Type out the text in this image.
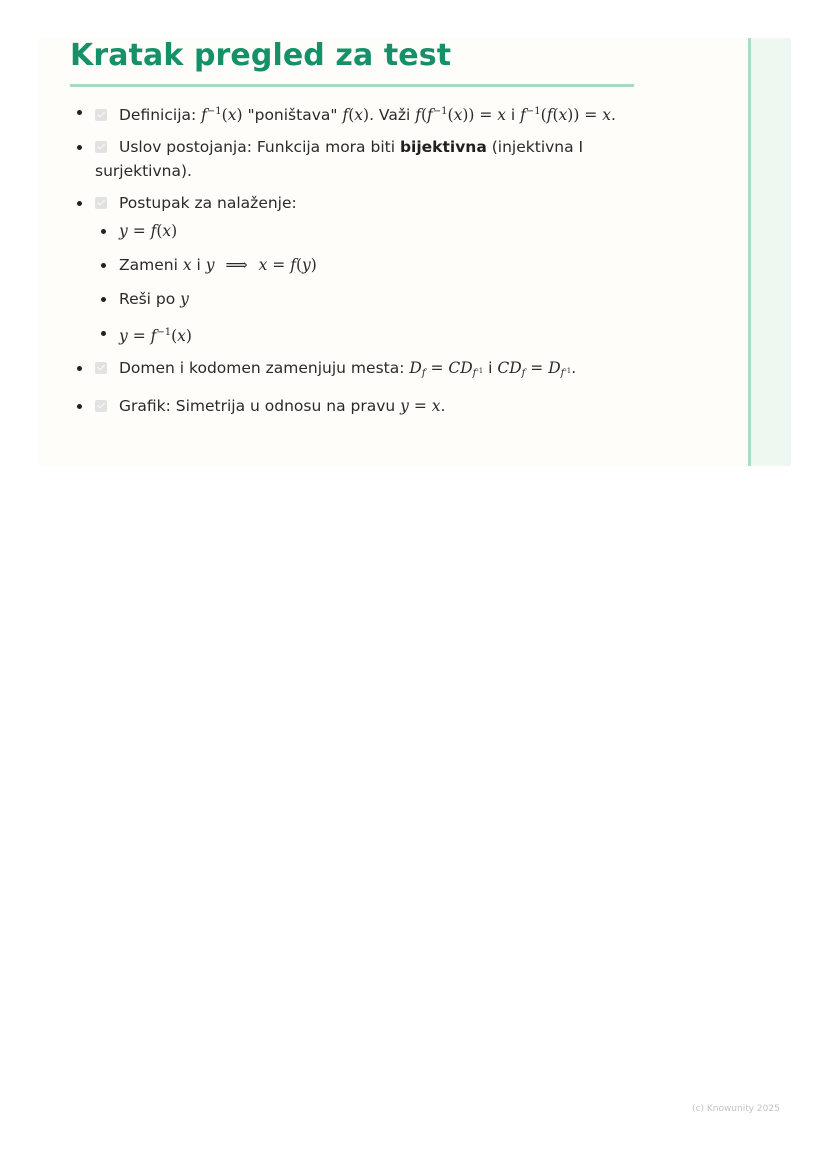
Kratak pregled za test
Definicija: $f^{-1}(x)$ "poništava" f(x). Važi $f(f^{-1}(x)) = x$ i $f^{-1}(f(x)) = x$.
Uslov postojanja: Funkcija mora biti bijektivna (injektivna I surjektivna).
Postupak za nalaženje:
y = f(x)
Zameni x i y ⟹ x = f(y)
Reši po y
$y = f^{-1}(x)$
Domen i kodomen zamenjuju mesta: $D_f = CD_{f^{-1}}$ i $CD_f = D_{f^{-1}}$.
Grafik: Simetrija u odnosu na pravu y = x.
(c) Knowunity 2025
